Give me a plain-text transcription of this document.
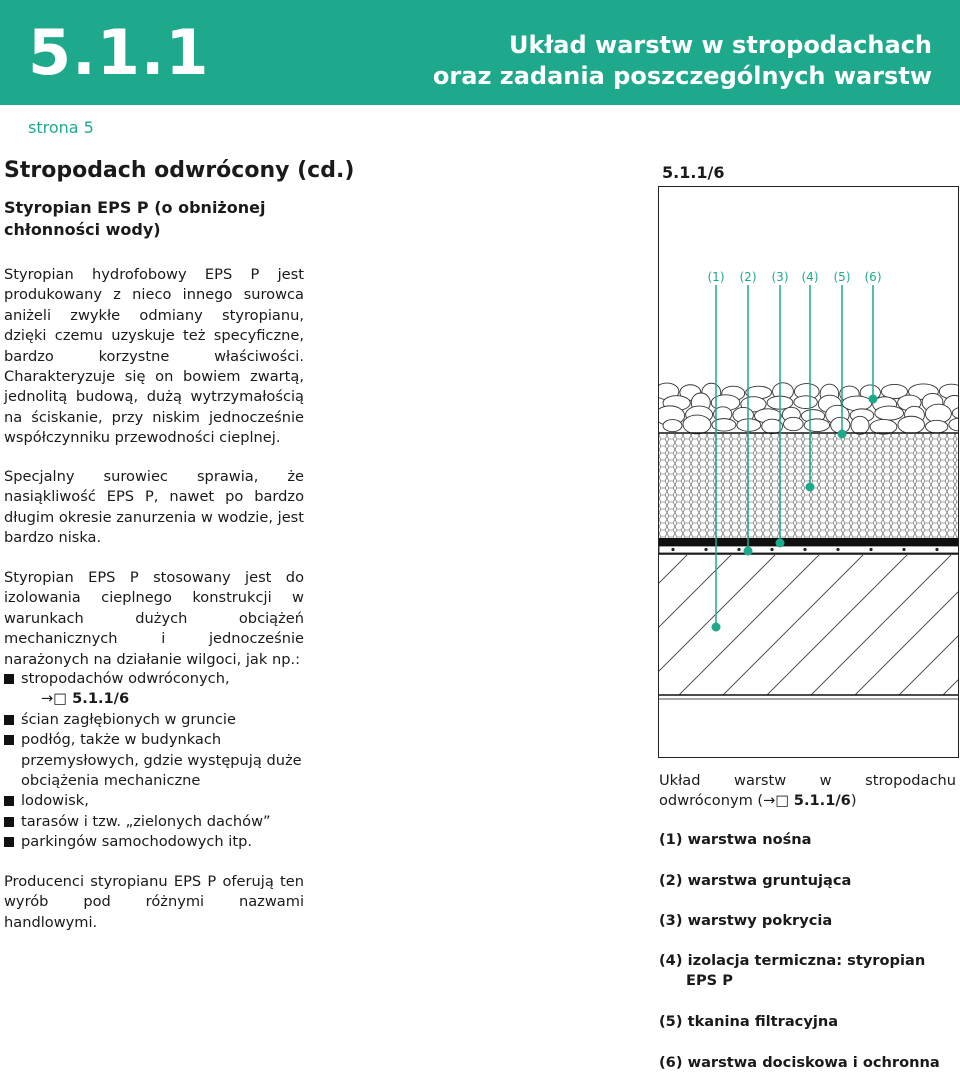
5.1.1	Układ warstw w stropodachach
oraz zadania poszczególnych warstw
strona 5
Stropodach odwrócony (cd.)
Styropian EPS P (o obniżonej chłonności wody)
Styropian hydrofobowy EPS P jest produkowany z nieco innego surowca aniżeli zwykłe odmiany styropianu, dzięki czemu uzyskuje też specyficzne, bardzo korzystne właściwości. Charakteryzuje się on bowiem zwartą, jednolitą budową, dużą wytrzymałością na ściskanie, przy niskim jednocześnie współczynniku przewodności cieplnej.
Specjalny surowiec sprawia, że nasiąkliwość EPS P, nawet po bardzo długim okresie zanurzenia w wodzie, jest bardzo niska.
Styropian EPS P stosowany jest do izolowania cieplnego konstrukcji w warunkach dużych obciążeń mechanicznych i jednocześnie narażonych na działanie wilgoci, jak np.:
stropodachów odwróconych,
→□ 5.1.1/6
ścian zagłębionych w gruncie
podłóg, także w budynkach przemysłowych, gdzie występują duże obciążenia mechaniczne
lodowisk,
tarasów i tzw. „zielonych dachów”
parkingów samochodowych itp.
Producenci styropianu EPS P oferują ten wyrób pod różnymi nazwami handlowymi.
5.1.1/6
(1) (2) (3) (4) (5) (6)
Układ warstw w stropodachu odwróconym (→□ 5.1.1/6)
(1) warstwa nośna
(2) warstwa gruntująca
(3) warstwy pokrycia
(4) izolacja termiczna: styropian
EPS P
(5) tkanina filtracyjna
(6) warstwa dociskowa i ochronna
